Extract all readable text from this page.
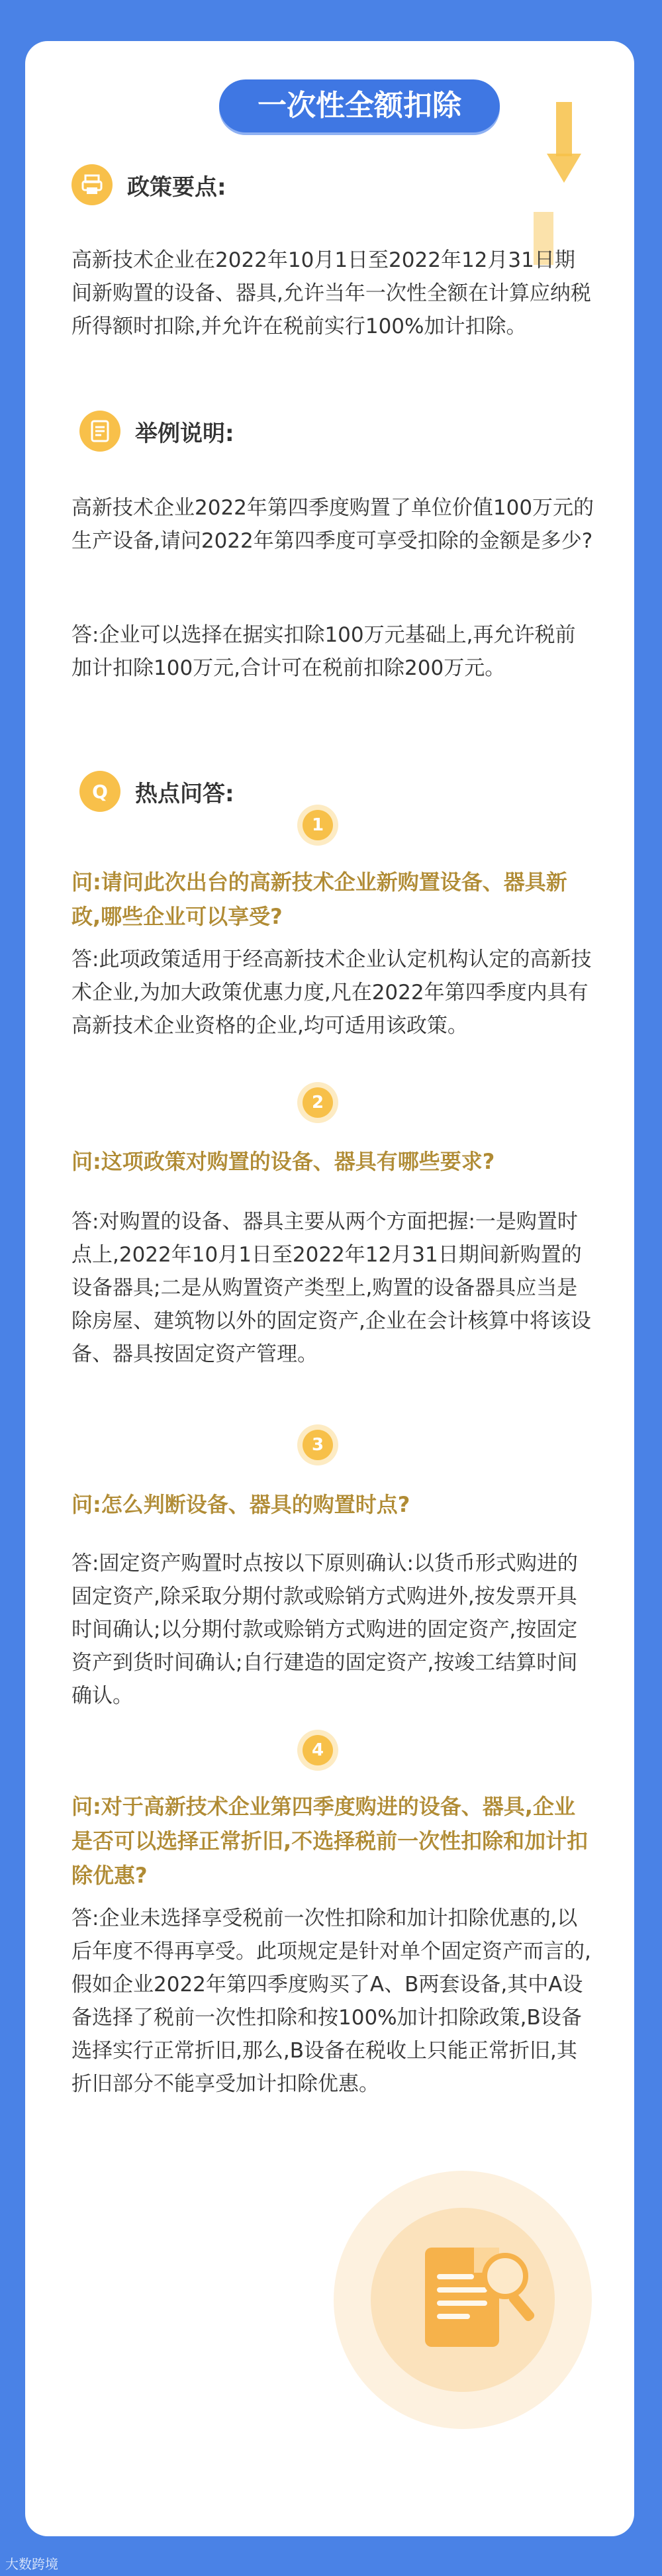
一次性全额扣除
政策要点:
高新技术企业在2022年10月1日至2022年12月31日期间新购置的设备、器具,允许当年一次性全额在计算应纳税所得额时扣除,并允许在税前实行100%加计扣除。
举例说明:
高新技术企业2022年第四季度购置了单位价值100万元的生产设备,请问2022年第四季度可享受扣除的金额是多少?
答:企业可以选择在据实扣除100万元基础上,再允许税前加计扣除100万元,合计可在税前扣除200万元。
Q	热点问答:
1
问:请问此次出台的高新技术企业新购置设备、器具新政,哪些企业可以享受?
答:此项政策适用于经高新技术企业认定机构认定的高新技术企业,为加大政策优惠力度,凡在2022年第四季度内具有高新技术企业资格的企业,均可适用该政策。
2
问:这项政策对购置的设备、器具有哪些要求?
答:对购置的设备、器具主要从两个方面把握:一是购置时点上,2022年10月1日至2022年12月31日期间新购置的设备器具;二是从购置资产类型上,购置的设备器具应当是除房屋、建筑物以外的固定资产,企业在会计核算中将该设备、器具按固定资产管理。
3
问:怎么判断设备、器具的购置时点?
答:固定资产购置时点按以下原则确认:以货币形式购进的固定资产,除采取分期付款或赊销方式购进外,按发票开具时间确认;以分期付款或赊销方式购进的固定资产,按固定资产到货时间确认;自行建造的固定资产,按竣工结算时间确认。
4
问:对于高新技术企业第四季度购进的设备、器具,企业是否可以选择正常折旧,不选择税前一次性扣除和加计扣除优惠?
答:企业未选择享受税前一次性扣除和加计扣除优惠的,以后年度不得再享受。此项规定是针对单个固定资产而言的,假如企业2022年第四季度购买了A、B两套设备,其中A设备选择了税前一次性扣除和按100%加计扣除政策,B设备选择实行正常折旧,那么,B设备在税收上只能正常折旧,其折旧部分不能享受加计扣除优惠。
大数跨境
